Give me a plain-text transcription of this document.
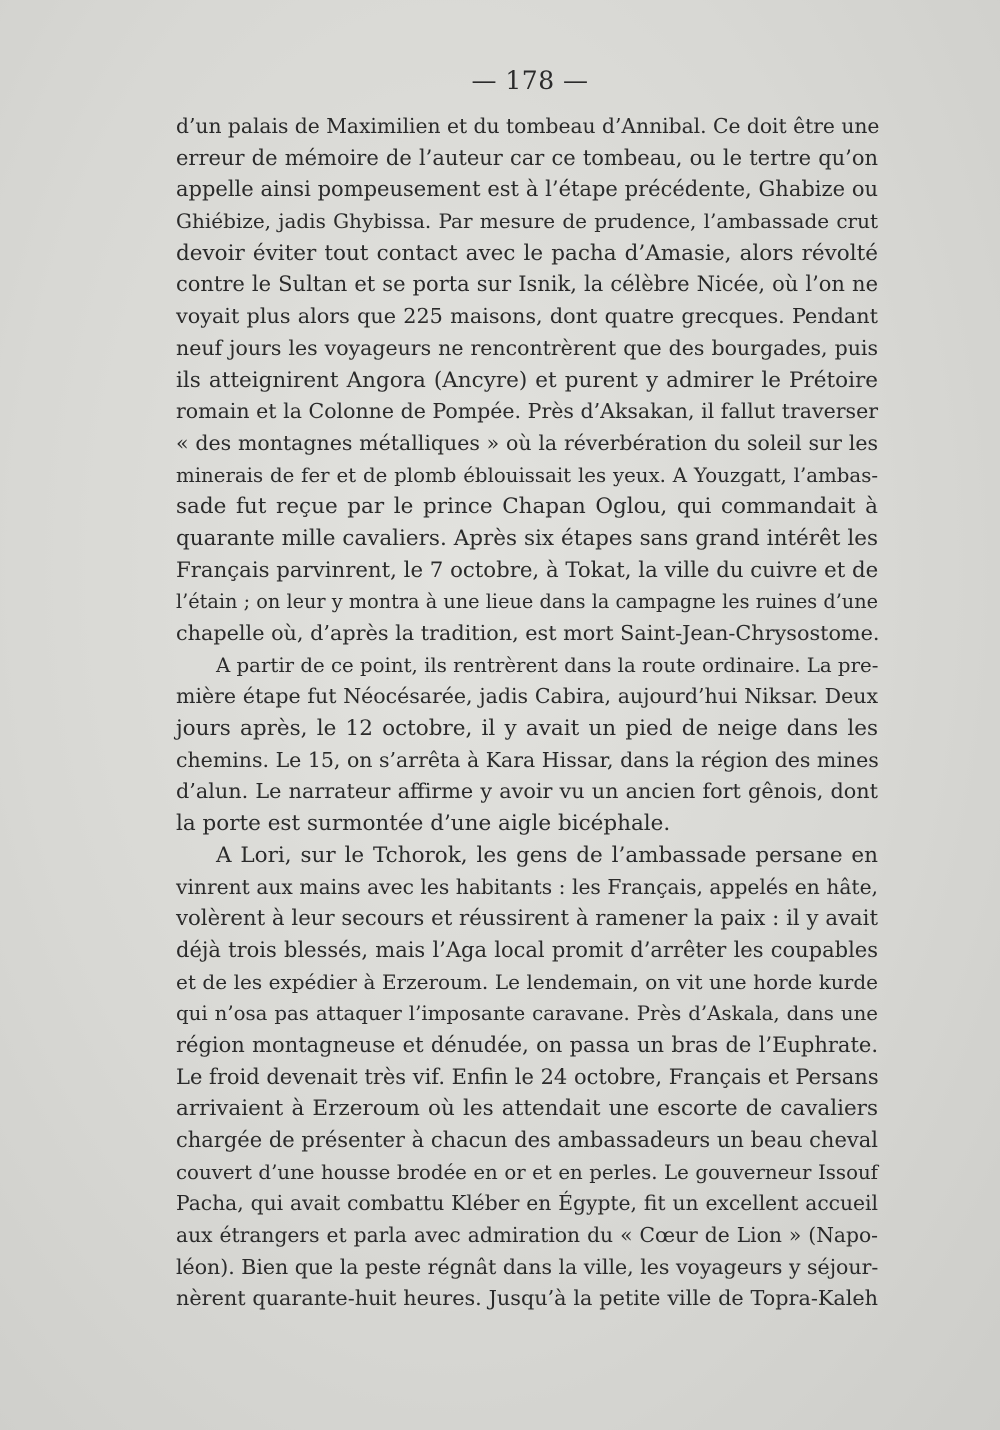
— 178 —
d’un palais de Maximilien et du tombeau d’Annibal. Ce doit être une
erreur de mémoire de l’auteur car ce tombeau, ou le tertre qu’on
appelle ainsi pompeusement est à l’étape précédente, Ghabize ou
Ghiébize, jadis Ghybissa. Par mesure de prudence, l’ambassade crut
devoir éviter tout contact avec le pacha d’Amasie, alors révolté
contre le Sultan et se porta sur Isnik, la célèbre Nicée, où l’on ne
voyait plus alors que 225 maisons, dont quatre grecques. Pendant
neuf jours les voyageurs ne rencontrèrent que des bourgades, puis
ils atteignirent Angora (Ancyre) et purent y admirer le Prétoire
romain et la Colonne de Pompée. Près d’Aksakan, il fallut traverser
« des montagnes métalliques » où la réverbération du soleil sur les
minerais de fer et de plomb éblouissait les yeux. A Youzgatt, l’ambas-
sade fut reçue par le prince Chapan Oglou, qui commandait à
quarante mille cavaliers. Après six étapes sans grand intérêt les
Français parvinrent, le 7 octobre, à Tokat, la ville du cuivre et de
l’étain ; on leur y montra à une lieue dans la campagne les ruines d’une
chapelle où, d’après la tradition, est mort Saint-Jean-Chrysostome.
A partir de ce point, ils rentrèrent dans la route ordinaire. La pre-
mière étape fut Néocésarée, jadis Cabira, aujourd’hui Niksar. Deux
jours après, le 12 octobre, il y avait un pied de neige dans les
chemins. Le 15, on s’arrêta à Kara Hissar, dans la région des mines
d’alun. Le narrateur affirme y avoir vu un ancien fort gênois, dont
la porte est surmontée d’une aigle bicéphale.
A Lori, sur le Tchorok, les gens de l’ambassade persane en
vinrent aux mains avec les habitants : les Français, appelés en hâte,
volèrent à leur secours et réussirent à ramener la paix : il y avait
déjà trois blessés, mais l’Aga local promit d’arrêter les coupables
et de les expédier à Erzeroum. Le lendemain, on vit une horde kurde
qui n’osa pas attaquer l’imposante caravane. Près d’Askala, dans une
région montagneuse et dénudée, on passa un bras de l’Euphrate.
Le froid devenait très vif. Enfin le 24 octobre, Français et Persans
arrivaient à Erzeroum où les attendait une escorte de cavaliers
chargée de présenter à chacun des ambassadeurs un beau cheval
couvert d’une housse brodée en or et en perles. Le gouverneur Issouf
Pacha, qui avait combattu Kléber en Égypte, fit un excellent accueil
aux étrangers et parla avec admiration du « Cœur de Lion » (Napo-
léon). Bien que la peste régnât dans la ville, les voyageurs y séjour-
nèrent quarante-huit heures. Jusqu’à la petite ville de Topra-Kaleh
